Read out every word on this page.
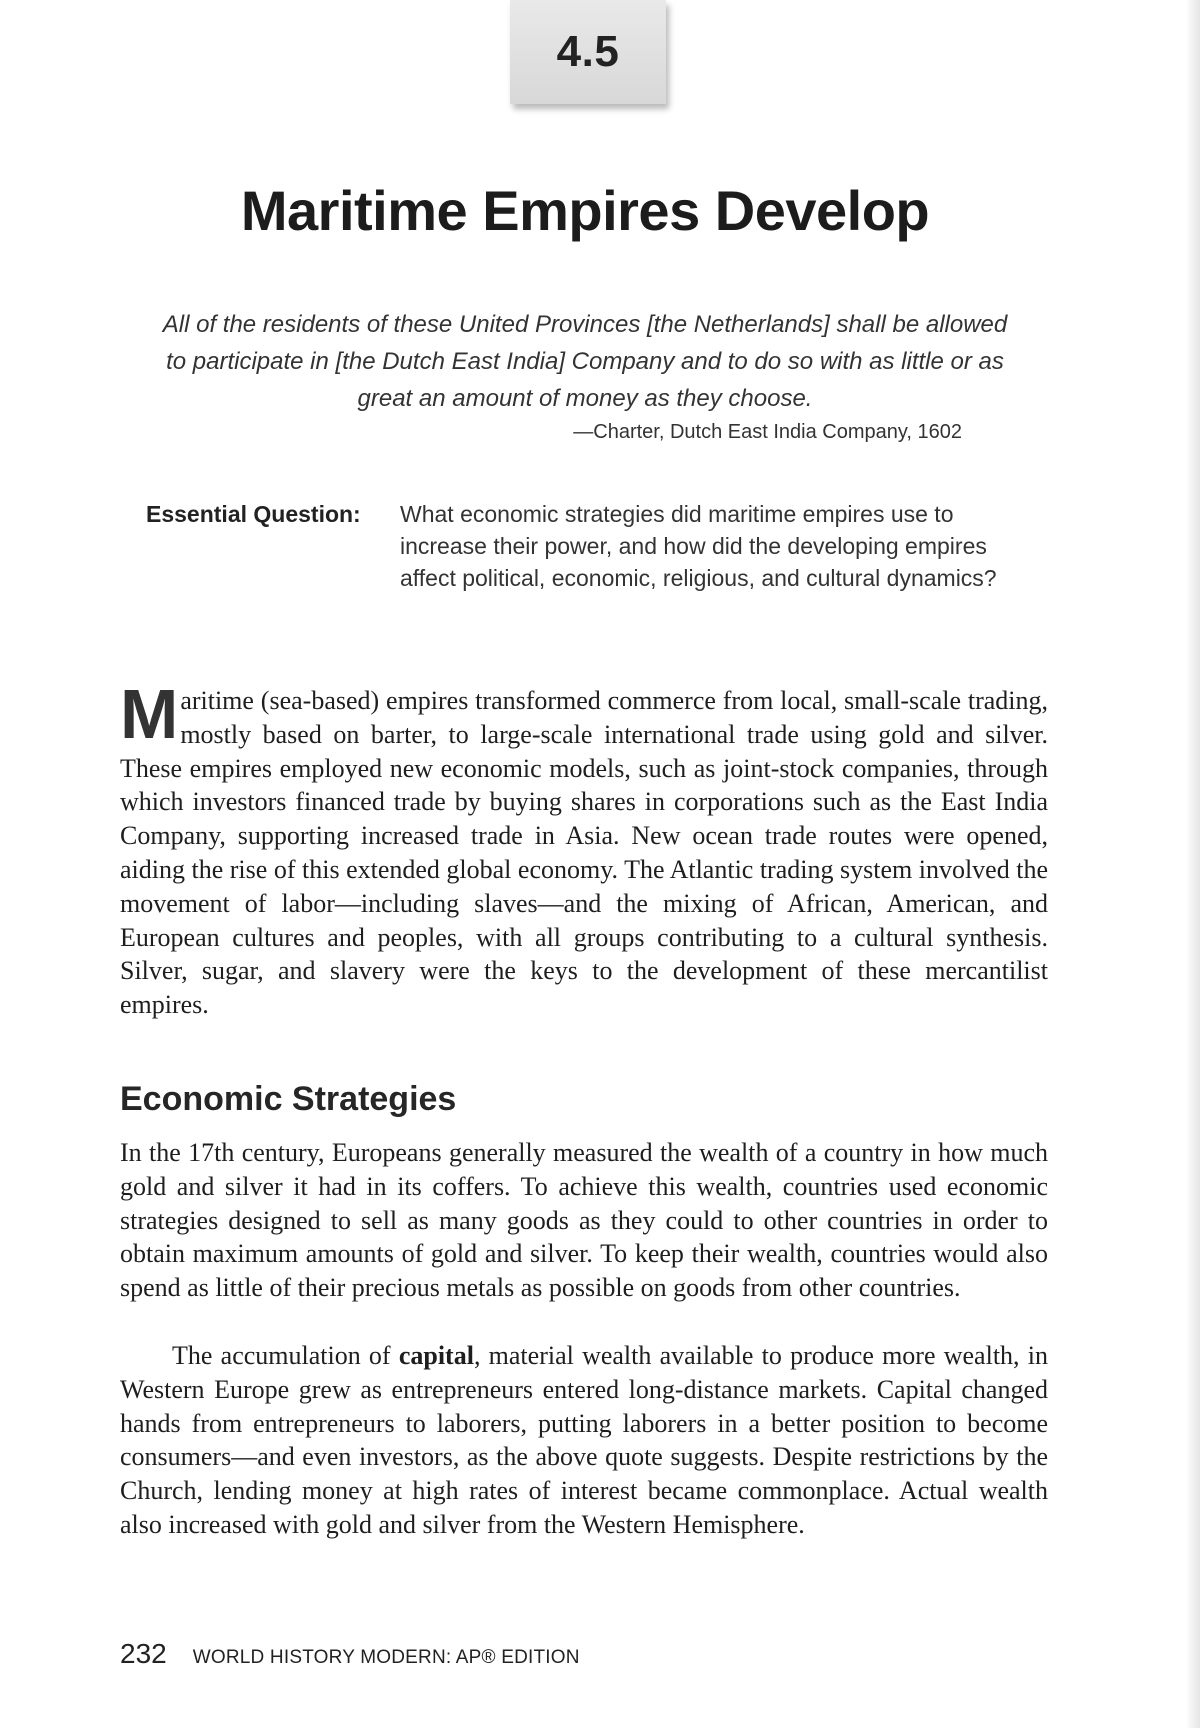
4.5
Maritime Empires Develop

All of the residents of these United Provinces [the Netherlands] shall be allowed to participate in [the Dutch East India] Company and to do so with as little or as great an amount of money as they choose.

—Charter, Dutch East India Company, 1602

Essential Question:	What economic strategies did maritime empires use to increase their power, and how did the developing empires affect political, economic, religious, and cultural dynamics?

Maritime (sea-based) empires transformed commerce from local, small-scale trading, mostly based on barter, to large-scale international trade using gold and silver. These empires employed new economic models, such as joint-stock companies, through which investors financed trade by buying shares in corporations such as the East India Company, supporting increased trade in Asia. New ocean trade routes were opened, aiding the rise of this extended global economy. The Atlantic trading system involved the movement of labor—including slaves—and the mixing of African, American, and European cultures and peoples, with all groups contributing to a cultural synthesis. Silver, sugar, and slavery were the keys to the development of these mercantilist empires.

Economic Strategies

In the 17th century, Europeans generally measured the wealth of a country in how much gold and silver it had in its coffers. To achieve this wealth, countries used economic strategies designed to sell as many goods as they could to other countries in order to obtain maximum amounts of gold and silver. To keep their wealth, countries would also spend as little of their precious metals as possible on goods from other countries.

The accumulation of capital, material wealth available to produce more wealth, in Western Europe grew as entrepreneurs entered long-distance markets. Capital changed hands from entrepreneurs to laborers, putting laborers in a better position to become consumers—and even investors, as the above quote suggests. Despite restrictions by the Church, lending money at high rates of interest became commonplace. Actual wealth also increased with gold and silver from the Western Hemisphere.

232 WORLD HISTORY MODERN: AP® EDITION
